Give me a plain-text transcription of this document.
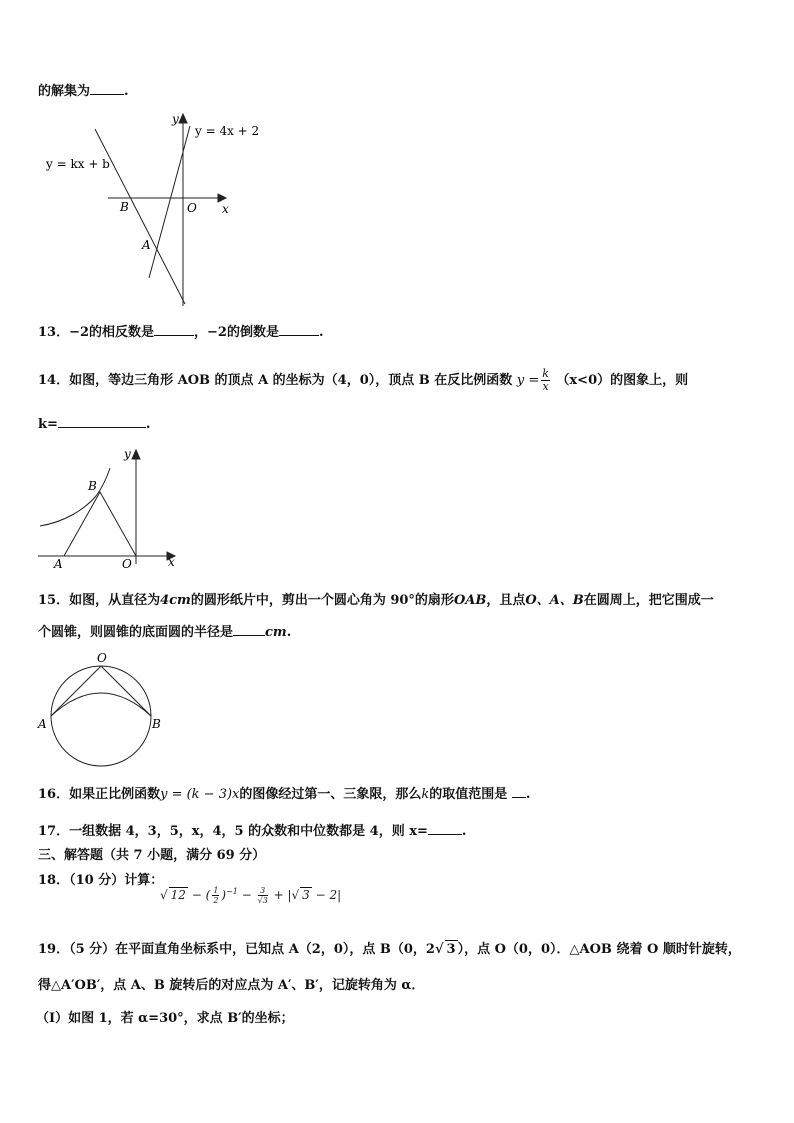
的解集为	.
y
y = 4x + 2
y = kx + b
B	O x
A
13．−2的相反数是	，−2的倒数是	.
14．如图，等边三角形 AOB 的顶点 A 的坐标为（4，0），顶点 B 在反比例函数 $y = \frac{k}{x} (x<0)$的图象上，则
k=	.
y
B
A	O	x
15．如图，从直径为4cm的圆形纸片中，剪出一个圆心角为 90°的扇形OAB，且点O、A、B在圆周上，把它围成一
个圆锥，则圆锥的底面圆的半径是 cm.
O
A	B
16．如果正比例函数y = (k − 3)x的图像经过第一、三象限，那么k的取值范围是 .
17．一组数据 4，3，5，x，4，5 的众数和中位数都是 4，则 x=	.
三、解答题（共 7 小题，满分 69 分）
18．（10 分）计算：
√ 12 − ( $\frac{1}{2} )^{-1} - \frac{3}{√3}$ + |√ 3 − 2|
19．（5 分）在平面直角坐标系中，已知点 A（2，0），点 B（0，2√ 3 ），点 O（0，0）．△AOB 绕着 O 顺时针旋转，
得△A′OB′，点 A、B 旋转后的对应点为 A′、B′，记旋转角为 α．
（I）如图 1，若 α=30°，求点 B′的坐标；
